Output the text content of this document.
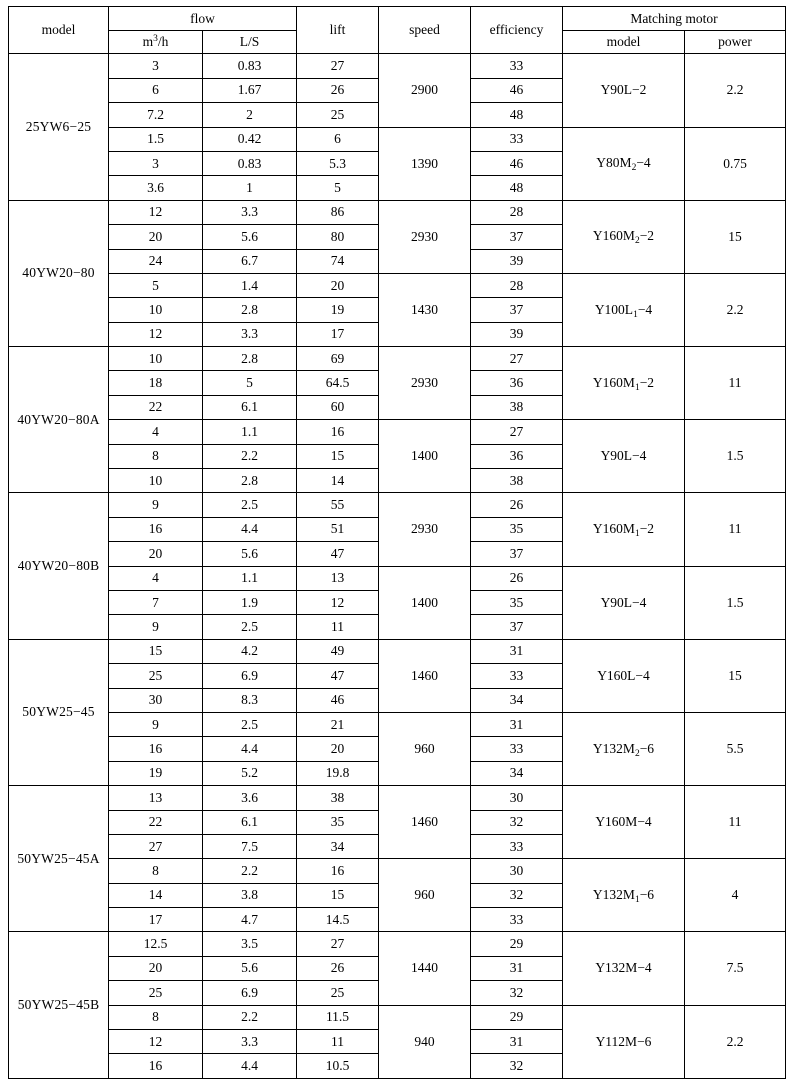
model	flow		lift	speed	efficiency	Matching motor	
	$m^3/h$	L/S				model	power
25YW6−25	3	0.83	27	2900	33	Y90L−2	2.2
	6	1.67	26		46		
	7.2	2	25		48		
	1.5	0.42	6	1390	33	$Y80M_2-4$	0.75
	3	0.83	5.3		46		
	3.6	1	5		48		
40YW20−80	12	3.3	86	2930	28	$Y160M_2-2$	15
	20	5.6	80		37		
	24	6.7	74		39		
	5	1.4	20	1430	28	$Y100L_1-4$	2.2
	10	2.8	19		37		
	12	3.3	17		39		
40YW20−80A	10	2.8	69	2930	27	$Y160M_1-2$	11
	18	5	64.5		36		
	22	6.1	60		38		
	4	1.1	16	1400	27	Y90L−4	1.5
	8	2.2	15		36		
	10	2.8	14		38		
40YW20−80B	9	2.5	55	2930	26	$Y160M_1-2$	11
	16	4.4	51		35		
	20	5.6	47		37		
	4	1.1	13	1400	26	Y90L−4	1.5
	7	1.9	12		35		
	9	2.5	11		37		
50YW25−45	15	4.2	49	1460	31	Y160L−4	15
	25	6.9	47		33		
	30	8.3	46		34		
	9	2.5	21	960	31	$Y132M_2-6$	5.5
	16	4.4	20		33		
	19	5.2	19.8		34		
50YW25−45A	13	3.6	38	1460	30	Y160M−4	11
	22	6.1	35		32		
	27	7.5	34		33		
	8	2.2	16	960	30	$Y132M_1-6$	4
	14	3.8	15		32		
	17	4.7	14.5		33		
50YW25−45B	12.5	3.5	27	1440	29	Y132M−4	7.5
	20	5.6	26		31		
	25	6.9	25		32		
	8	2.2	11.5	940	29	Y112M−6	2.2
	12	3.3	11		31		
	16	4.4	10.5		32		
